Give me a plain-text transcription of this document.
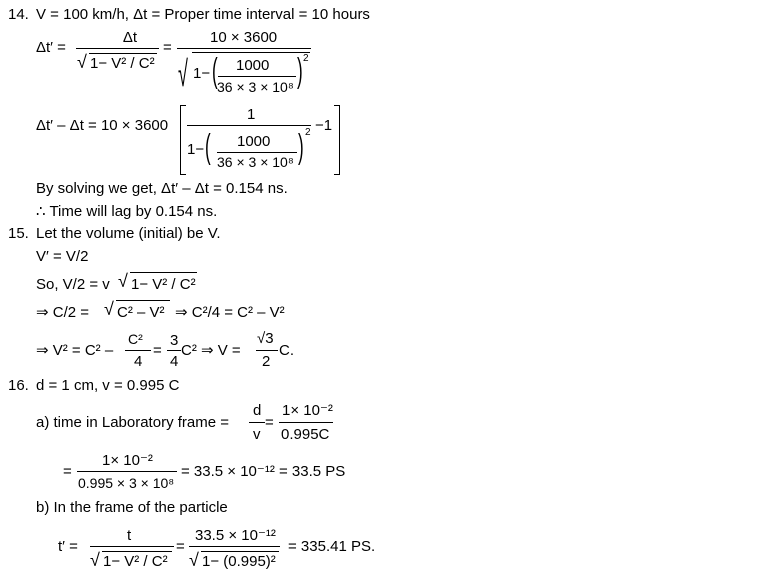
14. V = 100 km/h, Δt = Proper time interval = 10 hours
Δt′ =
Δt
√ 1− V² / C²
=
10 × 3600
√ 1− ( 1000
36 × 3 × 10⁸ ) 2
Δt′ – Δt = 10 × 3600
1
1− ( 1000
36 × 3 × 10⁸ ) 2 −1
By solving we get, Δt′ – Δt = 0.154 ns.
∴ Time will lag by 0.154 ns.
15. Let the volume (initial) be V.
V′ = V/2
So, V/2 = v √ 1− V² / C²
⇒ C/2 = √ C² – V² ⇒ C²/4 = C² – V²
⇒ V² = C² –
C²
4
=
3
4
C² ⇒ V =
√3
2
C.
16. d = 1 cm, v = 0.995 C
a) time in Laboratory frame =
d
v
=
1× 10⁻²
0.995C
=
1× 10⁻²
0.995 × 3 × 10⁸
= 33.5 × 10⁻¹² = 33.5 PS
b) In the frame of the particle
t′ =
t
√ 1− V² / C²
=
33.5 × 10⁻¹²
√ 1− (0.995)²
= 335.41 PS.
